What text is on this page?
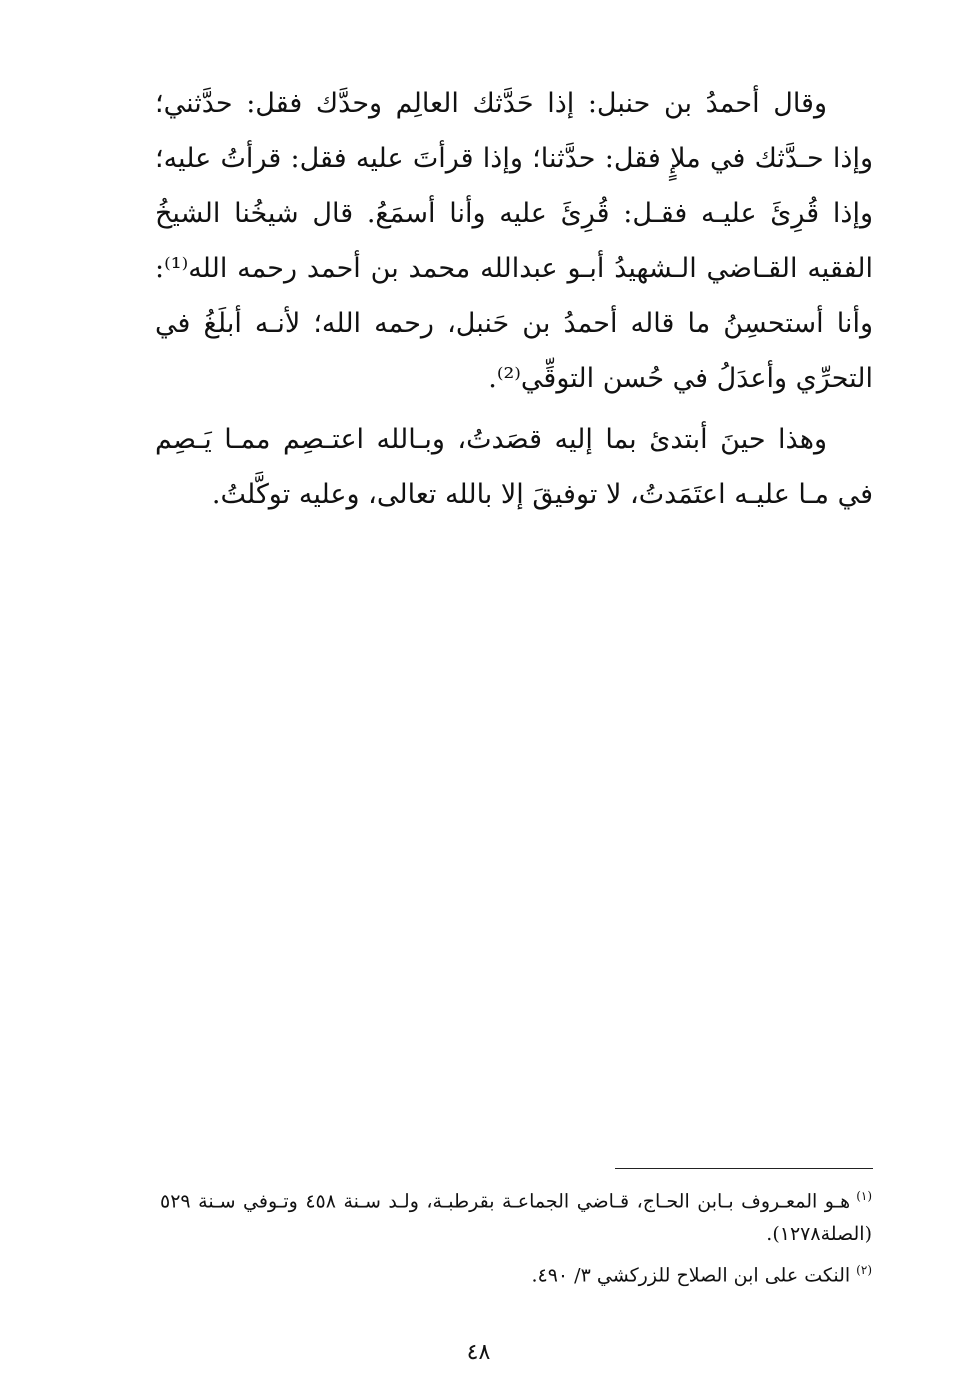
وقال أحمدُ بن حنبل: إذا حَدَّثك العالِم وحدَّك فقل: حدَّثني؛ وإذا حـدَّثك في ملإٍ فقل: حدَّثنا؛ وإذا قرأتَ عليه فقل: قرأتُ عليه؛ وإذا قُرِئَ عليـه فقـل: قُرِئَ عليه وأنا أسمَعُ. قال شيخُنا الشيخُ الفقيه القـاضي الـشهيدُ أبـو عبدالله محمد بن أحمد رحمه الله⁽¹⁾: وأنا أستحسِنُ ما قاله أحمدُ بن حَنبل، رحمه الله؛ لأنـه أبلَغُ في التحرِّي وأعدَلُ في حُسن التوقِّي⁽²⁾.

وهذا حينَ أبتدئ بما إليه قصَدتُ، وبـالله اعتـصِم ممـا يَـصِم في مـا عليـه اعتَمَدتُ، لا توفيقَ إلا بالله تعالى، وعليه توكَّلتُ.

$^{(١)}$هـو المعـروف بـابن الحـاج، قـاضي الجماعـة بقرطبـة، ولـد سـنة ٤٥٨ وتـوفي سـنة ٥٢٩ (الصلة١٢٧٨).
$^{(٢)}$النكت على ابن الصلاح للزركشي ٣/ ٤٩٠.
٤٨
